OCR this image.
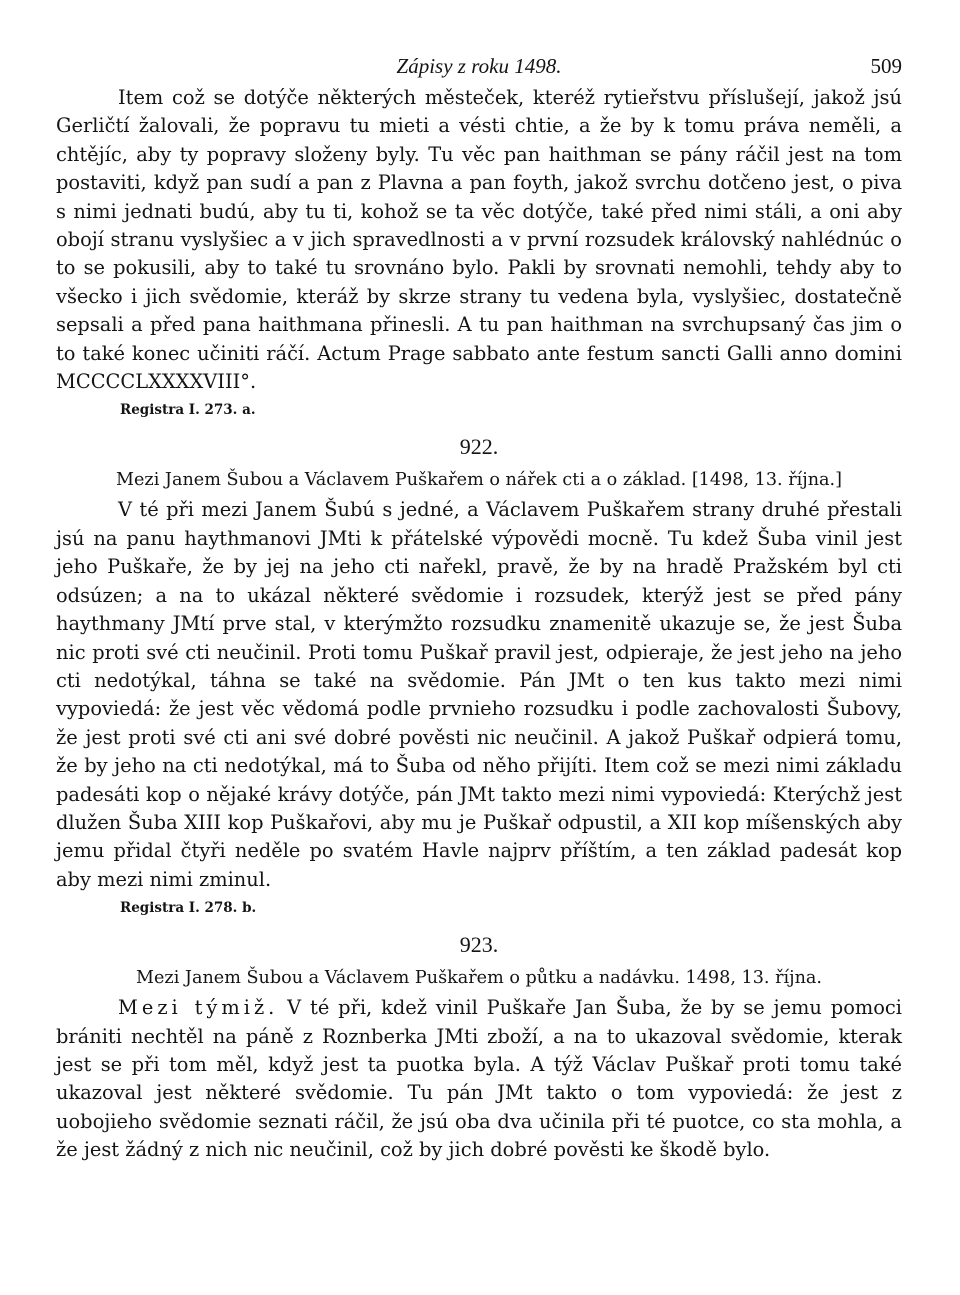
Zápisy z roku 1498.	509

Item což se dotýče některých městeček, kteréž rytieřstvu příslušejí, jakož jsú Gerličtí žalovali, že popravu tu mieti a vésti chtie, a že by k tomu práva neměli, a chtějíc, aby ty popravy složeny byly. Tu věc pan haithman se pány ráčil jest na tom postaviti, když pan sudí a pan z Plavna a pan foyth, jakož svrchu dotčeno jest, o piva s nimi jednati budú, aby tu ti, kohož se ta věc dotýče, také před nimi stáli, a oni aby obojí stranu vyslyšiec a v jich spravedlnosti a v první rozsudek královský nahlédnúc o to se pokusili, aby to také tu srovnáno bylo. Pakli by srovnati nemohli, tehdy aby to všecko i jich svědomie, kteráž by skrze strany tu vedena byla, vyslyšiec, dostatečně sepsali a před pana haithmana přinesli. A tu pan haithman na svrchupsaný čas jim o to také konec učiniti ráčí. Actum Prage sabbato ante festum sancti Galli anno domini MCCCCLXXXXVIII°.

Registra I. 273. a.
922.
Mezi Janem Šubou a Václavem Puškařem o nářek cti a o základ. [1498, 13. října.]

V té při mezi Janem Šubú s jedné, a Václavem Puškařem strany druhé přestali jsú na panu haythmanovi JMti k přátelské výpovědi mocně. Tu kdež Šuba vinil jest jeho Puškaře, že by jej na jeho cti nařekl, pravě, že by na hradě Pražském byl cti odsúzen; a na to ukázal některé svědomie i rozsudek, kterýž jest se před pány haythmany JMtí prve stal, v kterýmžto rozsudku znamenitě ukazuje se, že jest Šuba nic proti své cti neučinil. Proti tomu Puškař pravil jest, odpieraje, že jest jeho na jeho cti nedotýkal, táhna se také na svědomie. Pán JMt o ten kus takto mezi nimi vypoviedá: že jest věc vědomá podle prvnieho rozsudku i podle zachovalosti Šubovy, že jest proti své cti ani své dobré pověsti nic neučinil. A jakož Puškař odpierá tomu, že by jeho na cti nedotýkal, má to Šuba od něho přijíti. Item což se mezi nimi základu padesáti kop o nějaké krávy dotýče, pán JMt takto mezi nimi vypoviedá: Kterýchž jest dlužen Šuba XIII kop Puškařovi, aby mu je Puškař odpustil, a XII kop míšenských aby jemu přidal čtyři neděle po svatém Havle najprv příštím, a ten základ padesát kop aby mezi nimi zminul.

Registra I. 278. b.
923.
Mezi Janem Šubou a Václavem Puškařem o půtku a nadávku. 1498, 13. října.

Mezi týmiž. V té při, kdež vinil Puškaře Jan Šuba, že by se jemu pomoci brániti nechtěl na páně z Roznberka JMti zboží, a na to ukazoval svědomie, kterak jest se při tom měl, když jest ta puotka byla. A týž Václav Puškař proti tomu také ukazoval jest některé svědomie. Tu pán JMt takto o tom vypoviedá: že jest z uobojieho svědomie seznati ráčil, že jsú oba dva učinila při té puotce, co sta mohla, a že jest žádný z nich nic neučinil, což by jich dobré pověsti ke škodě bylo.
